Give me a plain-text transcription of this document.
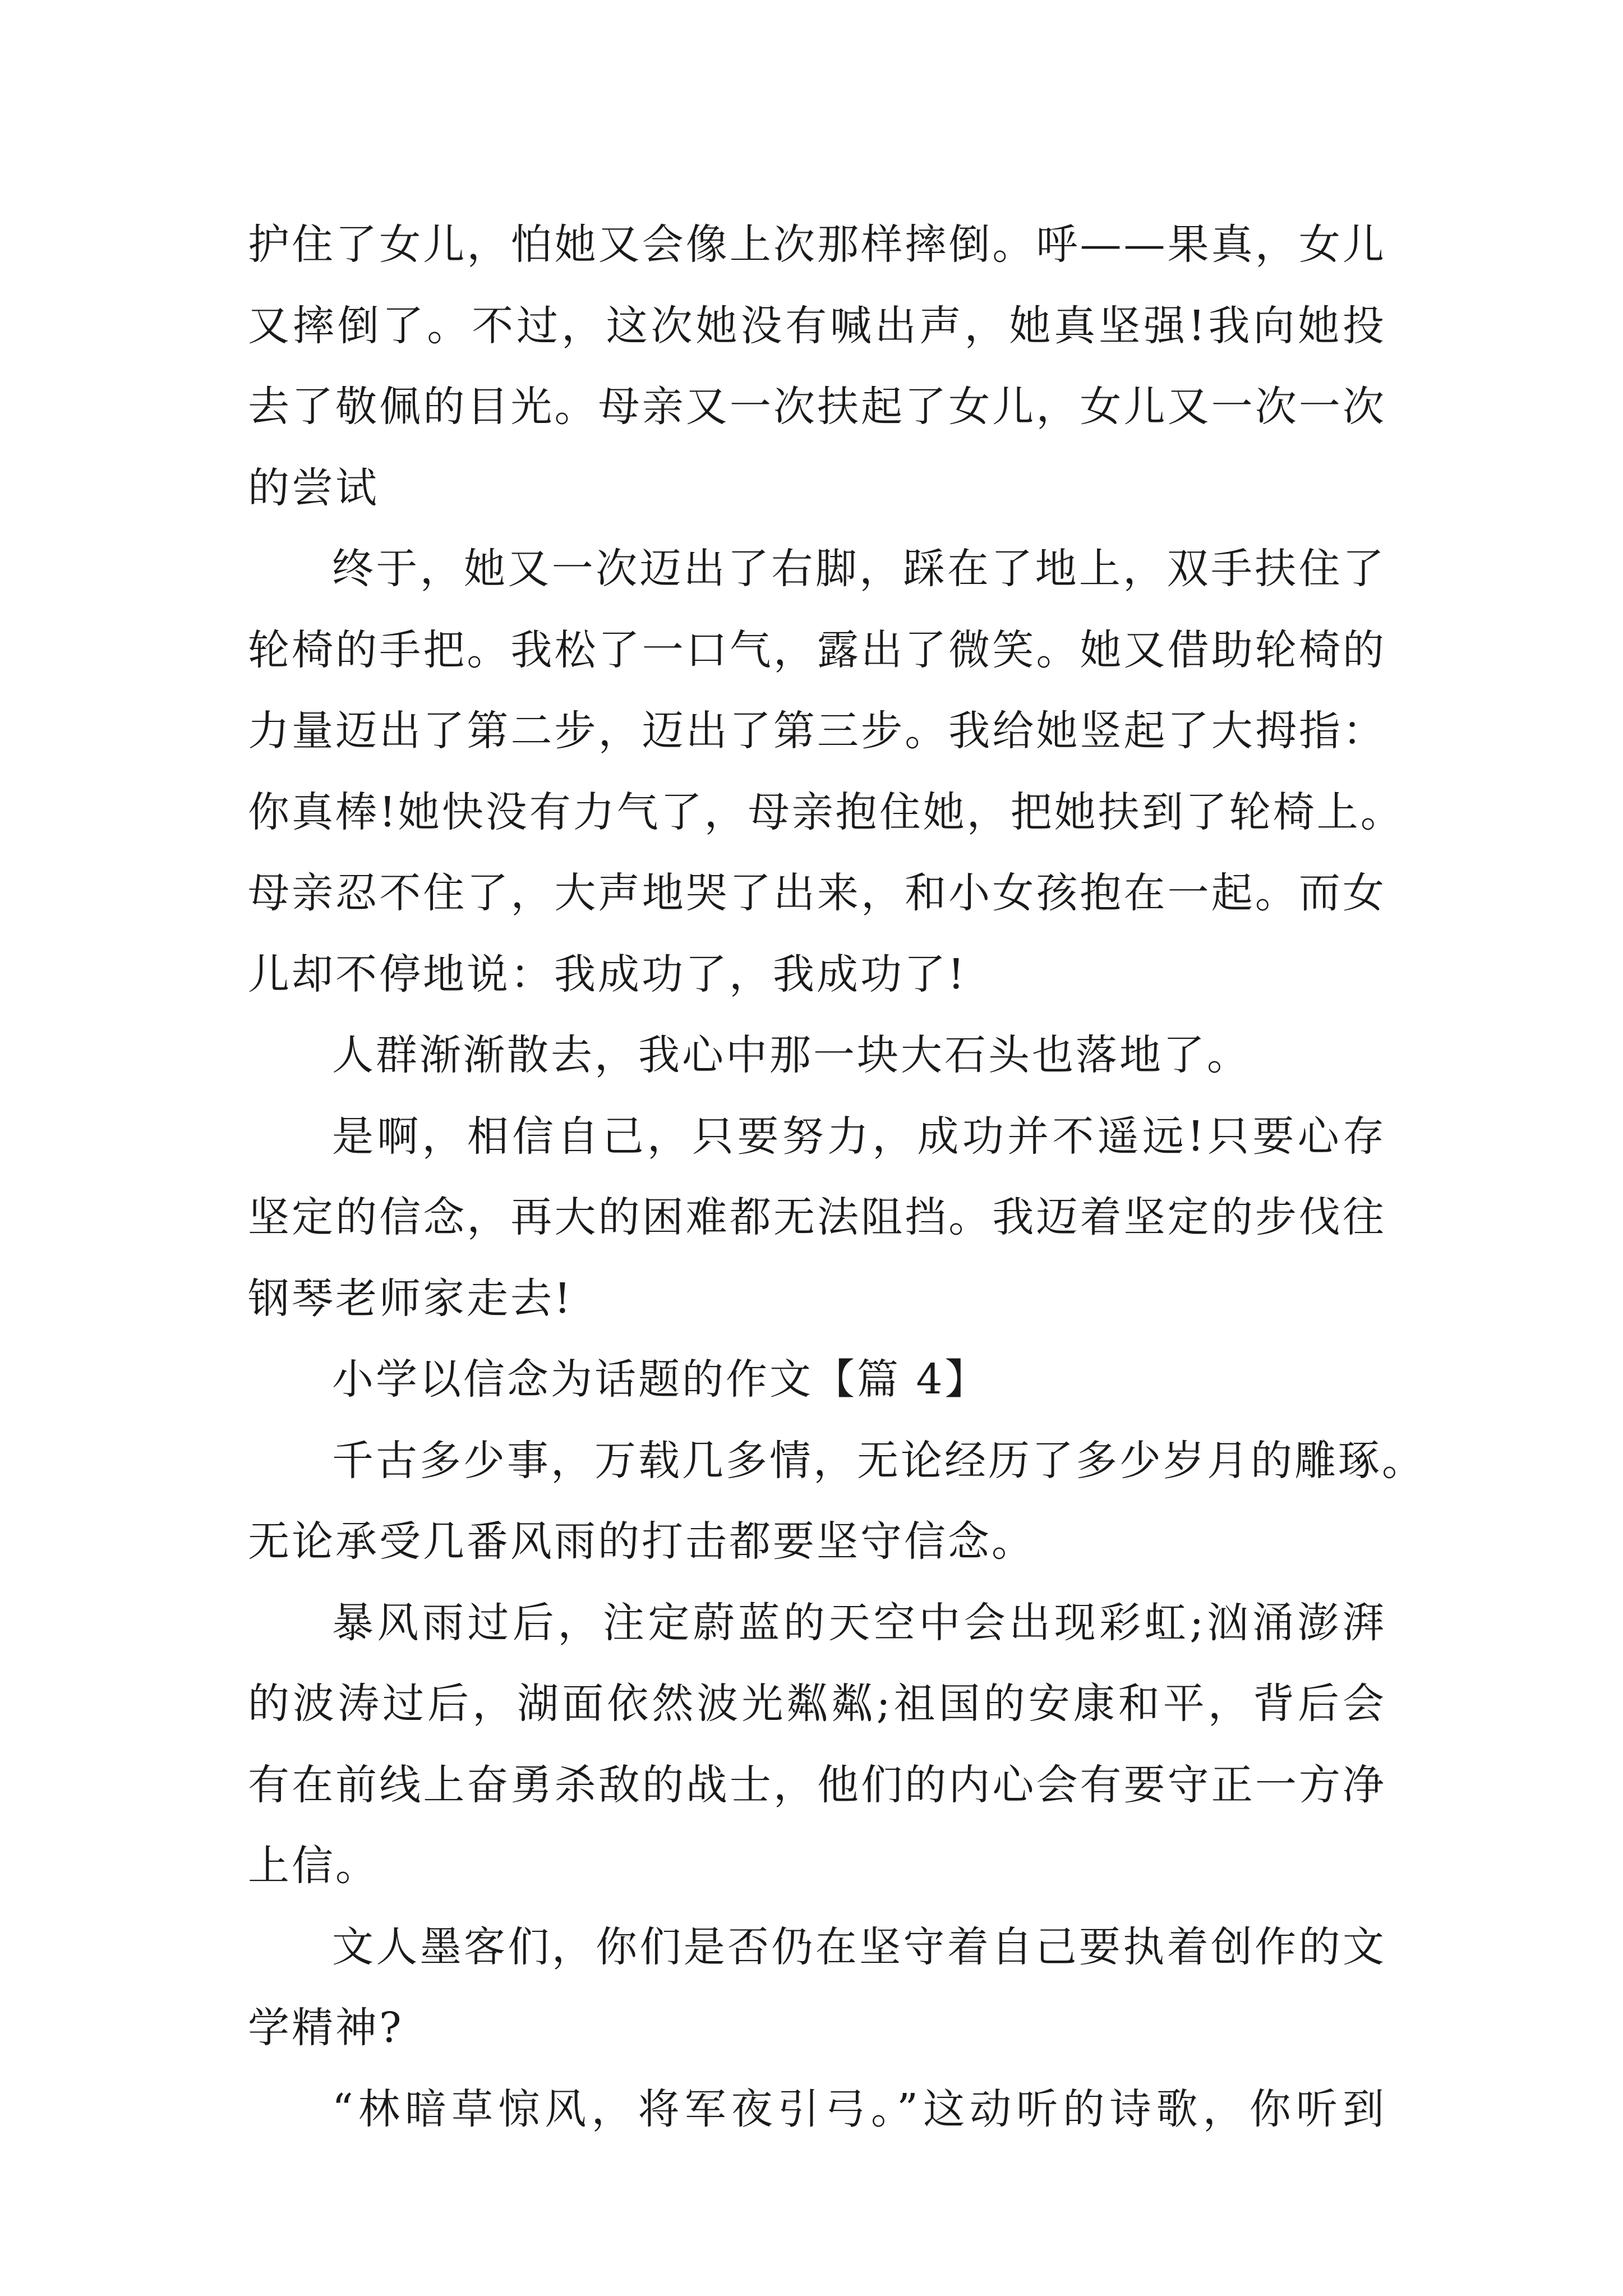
护住了女儿，怕她又会像上次那样摔倒。呼——果真，女儿
又摔倒了。不过，这次她没有喊出声，她真坚强!我向她投
去了敬佩的目光。母亲又一次扶起了女儿，女儿又一次一次
的尝试
终于，她又一次迈出了右脚，踩在了地上，双手扶住了
轮椅的手把。我松了一口气，露出了微笑。她又借助轮椅的
力量迈出了第二步，迈出了第三步。我给她竖起了大拇指：
你真棒!她快没有力气了，母亲抱住她，把她扶到了轮椅上。
母亲忍不住了，大声地哭了出来，和小女孩抱在一起。而女
儿却不停地说：我成功了，我成功了!
人群渐渐散去，我心中那一块大石头也落地了。
是啊，相信自己，只要努力，成功并不遥远!只要心存
坚定的信念，再大的困难都无法阻挡。我迈着坚定的步伐往
钢琴老师家走去!
小学以信念为话题的作文【篇 4】
千古多少事，万载几多情，无论经历了多少岁月的雕琢。
无论承受几番风雨的打击都要坚守信念。
暴风雨过后，注定蔚蓝的天空中会出现彩虹;汹涌澎湃
的波涛过后，湖面依然波光粼粼;祖国的安康和平，背后会
有在前线上奋勇杀敌的战士，他们的内心会有要守正一方净
上信。
文人墨客们，你们是否仍在坚守着自己要执着创作的文
学精神?
“林暗草惊风，将军夜引弓。”这动听的诗歌，你听到
